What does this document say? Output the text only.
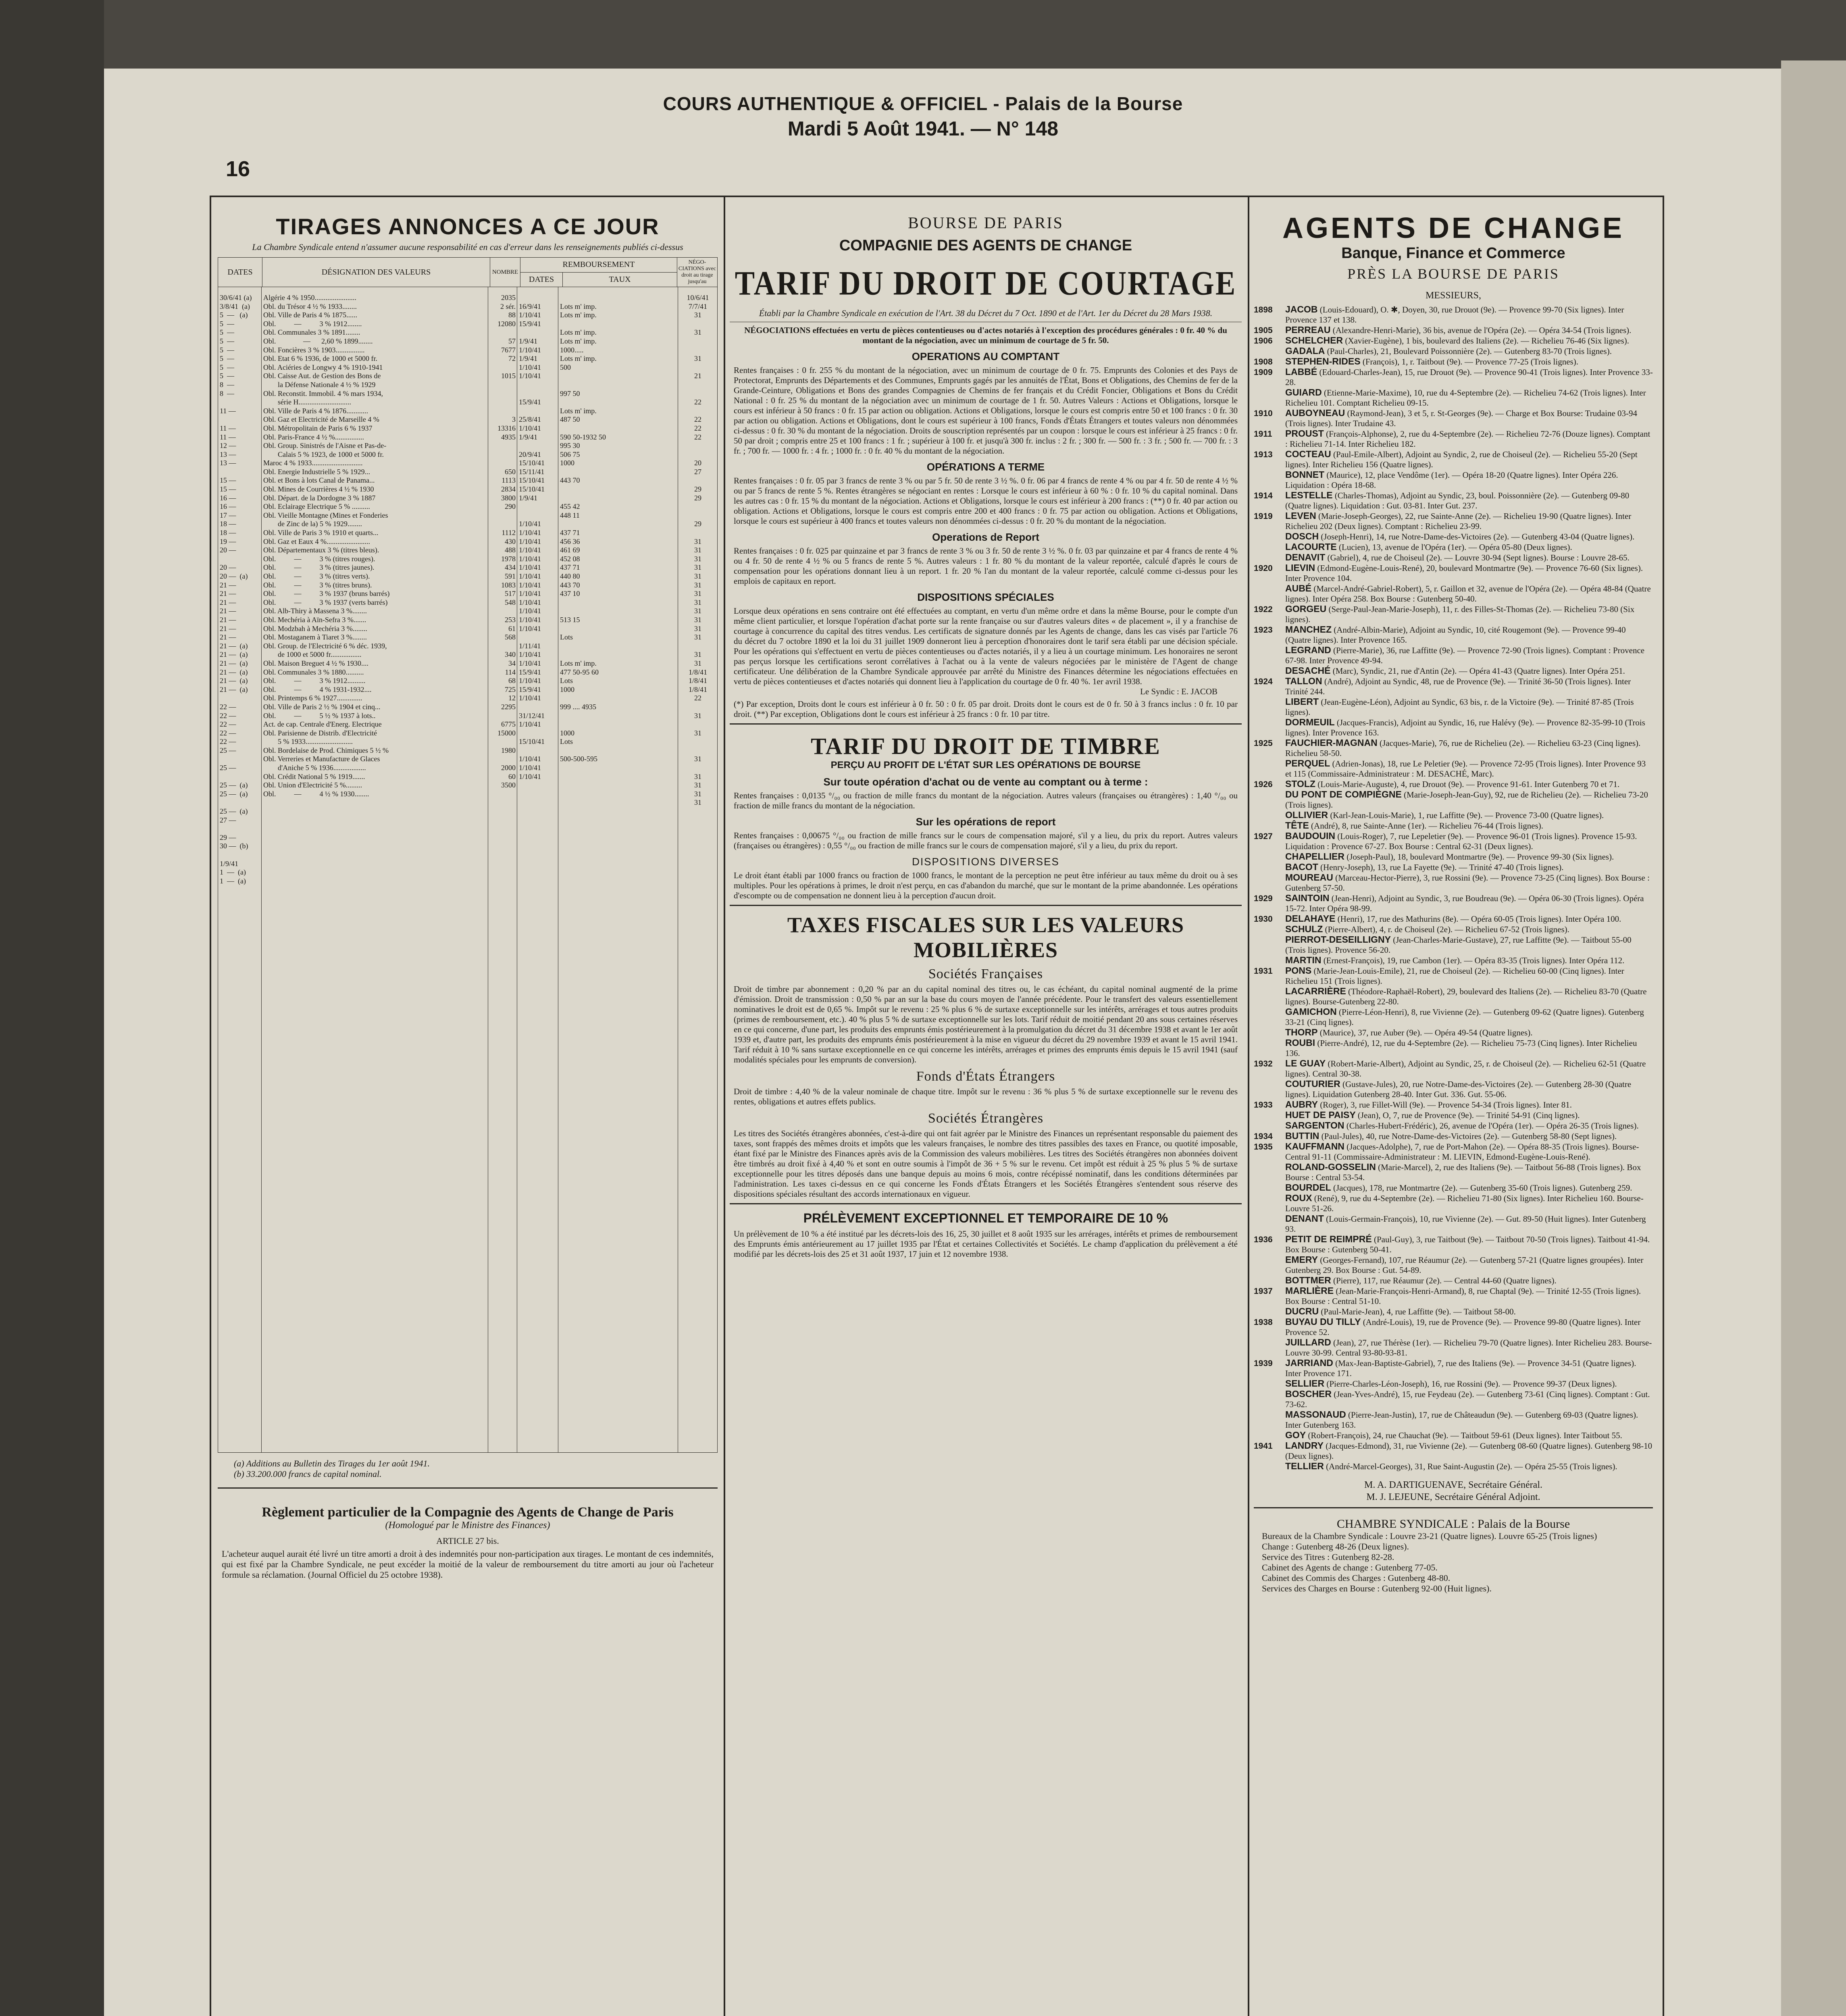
16
COURS AUTHENTIQUE & OFFICIEL - Palais de la Bourse
Mardi 5 Août 1941. — N° 148
TIRAGES ANNONCES A CE JOUR
La Chambre Syndicale entend n'assumer aucune responsabilité en cas d'erreur dans les renseignements publiés ci-dessus
DATES	DÉSIGNATION DES VALEURS	NOMBRE	REMBOURSEMENT		NÉGO-CIATIONS avec droit au tirage jusqu'au
			DATES	TAUX	
30/6/41 (a)
3/8/41  (a)
5  —   (a)
5  —
5  —
5  —
5  —
5  —
5  —
5  —
8  —
8  —

11 —

11 —
11 —
12 —
13 —
13 —

15 —
15 —
16 —
16 —
17 —
18 —
18 —
19 —
20 —

20 —
20 —  (a)
21 —
21 —
21 —
21 —
21 —
21 —
21 —
21 —  (a)
21 —  (a)
21 —  (a)
21 —  (a)
21 —  (a)
21 —  (a)

22 —
22 —
22 —
22 —
22 —
25 —

25 —

25 —  (a)
25 —  (a)

25 —  (a)
27 —

29 —
30 —  (b)

1/9/41
1  —  (a)
1  —  (a)
Algérie 4 % 1950.......................
Obl. du Trésor 4 ½ % 1933........
Obl. Ville de Paris 4 % 1875......
Obl.          —          3 % 1912........
Obl. Communales 3 % 1891........
Obl.               —      2,60 % 1899........
Obl. Foncières 3 % 1903................
Obl. Etat 6 % 1936, de 1000 et 5000 fr.
Obl. Aciéries de Longwy 4 % 1910-1941
Obl. Caisse Aut. de Gestion des Bons de
la Défense Nationale 4 ½ % 1929
Obl. Reconstit. Immobil. 4 % mars 1934,
série H.............................
Obl. Ville de Paris 4 % 1876............
Obl. Gaz et Electricité de Marseille 4 %
Obl. Métropolitain de Paris 6 % 1937
Obl. Paris-France 4 ½ %................
Obl. Group. Sinistrés de l'Aisne et Pas-de-
Calais 5 % 1923, de 1000 et 5000 fr.
Maroc 4 % 1933............................
Obl. Energie Industrielle 5 % 1929...
Obl. et Bons à lots Canal de Panama...
Obl. Mines de Courrières 4 ½ % 1930
Obl. Départ. de la Dordogne 3 % 1887
Obl. Eclairage Electrique 5 % ..........
Obl. Vieille Montagne (Mines et Fonderies
de Zinc de la) 5 % 1929........
Obl. Ville de Paris 3 % 1910 et quarts...
Obl. Gaz et Eaux 4 %........................
Obl. Départementaux 3 % (titres bleus).
Obl.          —          3 % (titres rouges).
Obl.          —          3 % (titres jaunes).
Obl.          —          3 % (titres verts).
Obl.          —          3 % (titres bruns).
Obl.          —          3 % 1937 (bruns barrés)
Obl.          —          3 % 1937 (verts barrés)
Obl. Alb-Thiry à Massena 3 %........
Obl. Mechéria à Aïn-Sefra 3 %.......
Obl. Modzbah à Mechéria 3 %........
Obl. Mostaganem à Tiaret 3 %........
Obl. Group. de l'Electricité 6 % déc. 1939,
de 1000 et 5000 fr.................
Obl. Maison Breguet 4 ½ % 1930....
Obl. Communales 3 % 1880..........
Obl.          —          3 % 1912..........
Obl.          —          4 % 1931-1932....
Obl. Printemps 6 % 1927..............
Obl. Ville de Paris 2 ½ % 1904 et cinq...
Obl.          —          5 ½ % 1937 à lots..
Act. de cap. Centrale d'Energ. Electrique
Obl. Parisienne de Distrib. d'Electricité
5 % 1933..........................
Obl. Bordelaise de Prod. Chimiques 5 ½ %
Obl. Verreries et Manufacture de Glaces
d'Aniche 5 % 1936..................
Obl. Crédit National 5 % 1919.......
Obl. Union d'Electricité 5 %.........
Obl.          —          4 ½ % 1930........
2035
2 sér.
88
12080

57
7677
72

1015

3
13316
4935

650
1113
2834
3800
290

1112
430
488
1978
434
591
1083
517
548

253
61
568

340
34
114
68
725
12
2295

6775
15000

1980

2000
60
3500

16/9/41
1/10/41
15/9/41

1/9/41
1/10/41
1/9/41
1/10/41
1/10/41

15/9/41

25/8/41
1/10/41
1/9/41

20/9/41
15/10/41
15/11/41
15/10/41
15/10/41
1/9/41

1/10/41
1/10/41
1/10/41
1/10/41
1/10/41
1/10/41
1/10/41
1/10/41
1/10/41
1/10/41
1/10/41
1/10/41
1/10/41

1/11/41
1/10/41
1/10/41
15/9/41
1/10/41
15/9/41
1/10/41

31/12/41
1/10/41

15/10/41

1/10/41
1/10/41
1/10/41

Lots m' imp.
Lots m' imp.

Lots m' imp.
Lots m' imp.
1000.....
Lots m' imp.
500

997 50

Lots m' imp.
487 50

590 50-1932 50
995 30
506 75
1000

443 70

455 42
448 11

437 71
456 36
461 69
452 08
437 71
440 80
443 70
437 10

513 15

Lots

Lots m' imp.
477 50-95 60
Lots
1000

999 .... 4935

1000
Lots

500-500-595

10/6/41
7/7/41
31

31

31

21

22

22
22
22

20
27

29
29

29

31
31
31
31
31
31
31
31
31
31
31
31

31
31
1/8/41
1/8/41
1/8/41
22

31

31

31

31
31
31
31
(a) Additions au Bulletin des Tirages du 1er août 1941.
(b) 33.200.000 francs de capital nominal.
Règlement particulier de la Compagnie des Agents de Change de Paris
(Homologué par le Ministre des Finances)
ARTICLE 27 bis.

L'acheteur auquel aurait été livré un titre amorti a droit à des indemnités pour non-participation aux tirages. Le montant de ces indemnités, qui est fixé par la Chambre Syndicale, ne peut excéder la moitié de la valeur de remboursement du titre amorti au jour où l'acheteur formule sa réclamation. (Journal Officiel du 25 octobre 1938).

BOURSE DE PARIS
COMPAGNIE DES AGENTS DE CHANGE
TARIF DU DROIT DE COURTAGE
Établi par la Chambre Syndicale en exécution de l'Art. 38 du Décret du 7 Oct. 1890 et de l'Art. 1er du Décret du 28 Mars 1938.
NÉGOCIATIONS effectuées en vertu de pièces contentieuses ou d'actes notariés à l'exception des procédures générales : 0 fr. 40 % du montant de la négociation, avec un minimum de courtage de 5 fr. 50.
OPERATIONS AU COMPTANT
Rentes françaises : 0 fr. 255 % du montant de la négociation, avec un minimum de courtage de 0 fr. 75. Emprunts des Colonies et des Pays de Protectorat, Emprunts des Départements et des Communes, Emprunts gagés par les annuités de l'État, Bons et Obligations, des Chemins de fer de la Grande-Ceinture, Obligations et Bons des grandes Compagnies de Chemins de fer français et du Crédit Foncier, Obligations et Bons du Crédit National : 0 fr. 25 % du montant de la négociation avec un minimum de courtage de 1 fr. 50. Autres Valeurs : Actions et Obligations, lorsque le cours est inférieur à 50 francs : 0 fr. 15 par action ou obligation. Actions et Obligations, lorsque le cours est compris entre 50 et 100 francs : 0 fr. 30 par action ou obligation. Actions et Obligations, dont le cours est supérieur à 100 francs, Fonds d'États Étrangers et toutes valeurs non dénommées ci-dessus : 0 fr. 30 % du montant de la négociation. Droits de souscription représentés par un coupon : lorsque le cours est inférieur à 25 francs : 0 fr. 50 par droit ; compris entre 25 et 100 francs : 1 fr. ; supérieur à 100 fr. et jusqu'à 300 fr. inclus : 2 fr. ; 300 fr. — 500 fr. : 3 fr. ; 500 fr. — 700 fr. : 3 fr. ; 700 fr. — 1000 fr. : 4 fr. ; 1000 fr. : 0 fr. 40 % du montant de la négociation.
OPÉRATIONS A TERME
Rentes françaises : 0 fr. 05 par 3 francs de rente 3 % ou par 5 fr. 50 de rente 3 ½ %. 0 fr. 06 par 4 francs de rente 4 % ou par 4 fr. 50 de rente 4 ½ % ou par 5 francs de rente 5 %. Rentes étrangères se négociant en rentes : Lorsque le cours est inférieur à 60 % : 0 fr. 10 % du capital nominal. Dans les autres cas : 0 fr. 15 % du montant de la négociation. Actions et Obligations, lorsque le cours est inférieur à 200 francs : (**) 0 fr. 40 par action ou obligation. Actions et Obligations, lorsque le cours est compris entre 200 et 400 francs : 0 fr. 75 par action ou obligation. Actions et Obligations, lorsque le cours est supérieur à 400 francs et toutes valeurs non dénommées ci-dessus : 0 fr. 20 % du montant de la négociation.
Operations de Report
Rentes françaises : 0 fr. 025 par quinzaine et par 3 francs de rente 3 % ou 3 fr. 50 de rente 3 ½ %. 0 fr. 03 par quinzaine et par 4 francs de rente 4 % ou 4 fr. 50 de rente 4 ½ % ou 5 francs de rente 5 %. Autres valeurs : 1 fr. 80 % du montant de la valeur reportée, calculé d'après le cours de compensation pour les opérations donnant lieu à un report. 1 fr. 20 % l'an du montant de la valeur reportée, calculé comme ci-dessus pour les emplois de capitaux en report.
DISPOSITIONS SPÉCIALES
Lorsque deux opérations en sens contraire ont été effectuées au comptant, en vertu d'un même ordre et dans la même Bourse, pour le compte d'un même client particulier, et lorsque l'opération d'achat porte sur la rente française ou sur d'autres valeurs dites « de placement », il y a franchise de courtage à concurrence du capital des titres vendus. Les certificats de signature donnés par les Agents de change, dans les cas visés par l'article 76 du décret du 7 octobre 1890 et la loi du 31 juillet 1909 donneront lieu à perception d'honoraires dont le tarif sera établi par une décision spéciale. Pour les opérations qui s'effectuent en vertu de pièces contentieuses ou d'actes notariés, il y a lieu à un courtage minimum. Les honoraires ne seront pas perçus lorsque les certifications seront corrélatives à l'achat ou à la vente de valeurs négociées par le ministère de l'Agent de change certificateur. Une délibération de la Chambre Syndicale approuvée par arrêté du Ministre des Finances détermine les négociations effectuées en vertu de pièces contentieuses et d'actes notariés qui donnent lieu à l'application du courtage de 0 fr. 40 %. 1er avril 1938.
Le Syndic : E. JACOB
(*) Par exception, Droits dont le cours est inférieur à 0 fr. 50 : 0 fr. 05 par droit. Droits dont le cours est de 0 fr. 50 à 3 francs inclus : 0 fr. 10 par droit. (**) Par exception, Obligations dont le cours est inférieur à 25 francs : 0 fr. 10 par titre.
TARIF DU DROIT DE TIMBRE
PERÇU AU PROFIT DE L'ÉTAT SUR LES OPÉRATIONS DE BOURSE
Sur toute opération d'achat ou de vente au comptant ou à terme :
Rentes françaises : 0,0135 °/₀₀ ou fraction de mille francs du montant de la négociation. Autres valeurs (françaises ou étrangères) : 1,40 °/₀₀ ou fraction de mille francs du montant de la négociation.
Sur les opérations de report
Rentes françaises : 0,00675 °/₀₀ ou fraction de mille francs sur le cours de compensation majoré, s'il y a lieu, du prix du report. Autres valeurs (françaises ou étrangères) : 0,55 °/₀₀ ou fraction de mille francs sur le cours de compensation majoré, s'il y a lieu, du prix du report.
DISPOSITIONS DIVERSES
Le droit étant établi par 1000 francs ou fraction de 1000 francs, le montant de la perception ne peut être inférieur au taux même du droit ou à ses multiples. Pour les opérations à primes, le droit n'est perçu, en cas d'abandon du marché, que sur le montant de la prime abandonnée. Les opérations d'escompte ou de compensation ne donnent lieu à la perception d'aucun droit.
TAXES FISCALES SUR LES VALEURS MOBILIÈRES
Sociétés Françaises
Droit de timbre par abonnement : 0,20 % par an du capital nominal des titres ou, le cas échéant, du capital nominal augmenté de la prime d'émission. Droit de transmission : 0,50 % par an sur la base du cours moyen de l'année précédente. Pour le transfert des valeurs essentiellement nominatives le droit est de 0,65 %. Impôt sur le revenu : 25 % plus 6 % de surtaxe exceptionnelle sur les intérêts, arrérages et tous autres produits (primes de remboursement, etc.). 40 % plus 5 % de surtaxe exceptionnelle sur les lots. Tarif réduit de moitié pendant 20 ans sous certaines réserves en ce qui concerne, d'une part, les produits des emprunts émis postérieurement à la promulgation du décret du 31 décembre 1938 et avant le 1er août 1939 et, d'autre part, les produits des emprunts émis postérieurement à la mise en vigueur du décret du 29 novembre 1939 et avant le 15 avril 1941. Tarif réduit à 10 % sans surtaxe exceptionnelle en ce qui concerne les intérêts, arrérages et primes des emprunts émis depuis le 15 avril 1941 (sauf modalités spéciales pour les emprunts de conversion).
Fonds d'États Étrangers
Droit de timbre : 4,40 % de la valeur nominale de chaque titre. Impôt sur le revenu : 36 % plus 5 % de surtaxe exceptionnelle sur le revenu des rentes, obligations et autres effets publics.
Sociétés Étrangères
Les titres des Sociétés étrangères abonnées, c'est-à-dire qui ont fait agréer par le Ministre des Finances un représentant responsable du paiement des taxes, sont frappés des mêmes droits et impôts que les valeurs françaises, le nombre des titres passibles des taxes en France, ou quotité imposable, étant fixé par le Ministre des Finances après avis de la Commission des valeurs mobilières. Les titres des Sociétés étrangères non abonnées doivent être timbrés au droit fixé à 4,40 % et sont en outre soumis à l'impôt de 36 + 5 % sur le revenu. Cet impôt est réduit à 25 % plus 5 % de surtaxe exceptionnelle pour les titres déposés dans une banque depuis au moins 6 mois, contre récépissé nominatif, dans les conditions déterminées par l'administration. Les taxes ci-dessus en ce qui concerne les Fonds d'États Étrangers et les Sociétés Étrangères s'entendent sous réserve des dispositions spéciales résultant des accords internationaux en vigueur.
PRÉLÈVEMENT EXCEPTIONNEL ET TEMPORAIRE DE 10 %
Un prélèvement de 10 % a été institué par les décrets-lois des 16, 25, 30 juillet et 8 août 1935 sur les arrérages, intérêts et primes de remboursement des Emprunts émis antérieurement au 17 juillet 1935 par l'État et certaines Collectivités et Sociétés. Le champ d'application du prélèvement a été modifié par les décrets-lois des 25 et 31 août 1937, 17 juin et 12 novembre 1938.
AGENTS DE CHANGE
Banque, Finance et Commerce
PRÈS LA BOURSE DE PARIS
MESSIEURS,

1898 JACOB (Louis-Edouard), O. ✱, Doyen, 30, rue Drouot (9e). — Provence 99-70 (Six lignes). Inter Provence 137 et 138.

1905 PERREAU (Alexandre-Henri-Marie), 36 bis, avenue de l'Opéra (2e). — Opéra 34-54 (Trois lignes).

1906 SCHELCHER (Xavier-Eugène), 1 bis, boulevard des Italiens (2e). — Richelieu 76-46 (Six lignes).

GADALA (Paul-Charles), 21, Boulevard Poissonnière (2e). — Gutenberg 83-70 (Trois lignes).

1908 STEPHEN-RIDES (François), 1, r. Taitbout (9e). — Provence 77-25 (Trois lignes).

1909 LABBÉ (Edouard-Charles-Jean), 15, rue Drouot (9e). — Provence 90-41 (Trois lignes). Inter Provence 33-28.

GUIARD (Etienne-Marie-Maxime), 10, rue du 4-Septembre (2e). — Richelieu 74-62 (Trois lignes). Inter Richelieu 101. Comptant Richelieu 09-15.

1910 AUBOYNEAU (Raymond-Jean), 3 et 5, r. St-Georges (9e). — Charge et Box Bourse: Trudaine 03-94 (Trois lignes). Inter Trudaine 43.

1911 PROUST (François-Alphonse), 2, rue du 4-Septembre (2e). — Richelieu 72-76 (Douze lignes). Comptant : Richelieu 71-14. Inter Richelieu 182.

1913 COCTEAU (Paul-Emile-Albert), Adjoint au Syndic, 2, rue de Choiseul (2e). — Richelieu 55-20 (Sept lignes). Inter Richelieu 156 (Quatre lignes).

BONNET (Maurice), 12, place Vendôme (1er). — Opéra 18-20 (Quatre lignes). Inter Opéra 226. Liquidation : Opéra 18-68.

1914 LESTELLE (Charles-Thomas), Adjoint au Syndic, 23, boul. Poissonnière (2e). — Gutenberg 09-80 (Quatre lignes). Liquidation : Gut. 03-81. Inter Gut. 237.

1919 LEVEN (Marie-Joseph-Georges), 22, rue Sainte-Anne (2e). — Richelieu 19-90 (Quatre lignes). Inter Richelieu 202 (Deux lignes). Comptant : Richelieu 23-99.

DOSCH (Joseph-Henri), 14, rue Notre-Dame-des-Victoires (2e). — Gutenberg 43-04 (Quatre lignes).

LACOURTE (Lucien), 13, avenue de l'Opéra (1er). — Opéra 05-80 (Deux lignes).

DENAVIT (Gabriel), 4, rue de Choiseul (2e). — Louvre 30-94 (Sept lignes). Bourse : Louvre 28-65.

1920 LIEVIN (Edmond-Eugène-Louis-René), 20, boulevard Montmartre (9e). — Provence 76-60 (Six lignes). Inter Provence 104.

AUBÉ (Marcel-André-Gabriel-Robert), 5, r. Gaillon et 32, avenue de l'Opéra (2e). — Opéra 48-84 (Quatre lignes). Inter Opéra 258. Box Bourse : Gutenberg 50-40.

1922 GORGEU (Serge-Paul-Jean-Marie-Joseph), 11, r. des Filles-St-Thomas (2e). — Richelieu 73-80 (Six lignes).

1923 MANCHEZ (André-Albin-Marie), Adjoint au Syndic, 10, cité Rougemont (9e). — Provence 99-40 (Quatre lignes). Inter Provence 165.

LEGRAND (Pierre-Marie), 36, rue Laffitte (9e). — Provence 72-90 (Trois lignes). Comptant : Provence 67-98. Inter Provence 49-94.

DESACHÉ (Marc), Syndic, 21, rue d'Antin (2e). — Opéra 41-43 (Quatre lignes). Inter Opéra 251.

1924 TALLON (André), Adjoint au Syndic, 48, rue de Provence (9e). — Trinité 36-50 (Trois lignes). Inter Trinité 244.

LIBERT (Jean-Eugène-Léon), Adjoint au Syndic, 63 bis, r. de la Victoire (9e). — Trinité 87-85 (Trois lignes).

DORMEUIL (Jacques-Francis), Adjoint au Syndic, 16, rue Halévy (9e). — Provence 82-35-99-10 (Trois lignes). Inter Provence 163.

1925 FAUCHIER-MAGNAN (Jacques-Marie), 76, rue de Richelieu (2e). — Richelieu 63-23 (Cinq lignes). Richelieu 58-50.

PERQUEL (Adrien-Jonas), 18, rue Le Peletier (9e). — Provence 72-95 (Trois lignes). Inter Provence 93 et 115 (Commissaire-Administrateur : M. DESACHÉ, Marc).

1926 STOLZ (Louis-Marie-Auguste), 4, rue Drouot (9e). — Provence 91-61. Inter Gutenberg 70 et 71.

DU PONT DE COMPIÈGNE (Marie-Joseph-Jean-Guy), 92, rue de Richelieu (2e). — Richelieu 73-20 (Trois lignes).

OLLIVIER (Karl-Jean-Louis-Marie), 1, rue Laffitte (9e). — Provence 73-00 (Quatre lignes).

TÊTE (André), 8, rue Sainte-Anne (1er). — Richelieu 76-44 (Trois lignes).

1927 BAUDOUIN (Louis-Roger), 7, rue Lepeletier (9e). — Provence 96-01 (Trois lignes). Provence 15-93. Liquidation : Provence 67-27. Box Bourse : Central 62-31 (Deux lignes).

CHAPELLIER (Joseph-Paul), 18, boulevard Montmartre (9e). — Provence 99-30 (Six lignes).

BACOT (Henry-Joseph), 13, rue La Fayette (9e). — Trinité 47-40 (Trois lignes).

MOUREAU (Marceau-Hector-Pierre), 3, rue Rossini (9e). — Provence 73-25 (Cinq lignes). Box Bourse : Gutenberg 57-50.

1929 SAINTOIN (Jean-Henri), Adjoint au Syndic, 3, rue Boudreau (9e). — Opéra 06-30 (Trois lignes). Opéra 15-72. Inter Opéra 98-99.

1930 DELAHAYE (Henri), 17, rue des Mathurins (8e). — Opéra 60-05 (Trois lignes). Inter Opéra 100.

SCHULZ (Pierre-Albert), 4, r. de Choiseul (2e). — Richelieu 67-52 (Trois lignes).

PIERROT-DESEILLIGNY (Jean-Charles-Marie-Gustave), 27, rue Laffitte (9e). — Taitbout 55-00 (Trois lignes). Provence 56-20.

MARTIN (Ernest-François), 19, rue Cambon (1er). — Opéra 83-35 (Trois lignes). Inter Opéra 112.

1931 PONS (Marie-Jean-Louis-Emile), 21, rue de Choiseul (2e). — Richelieu 60-00 (Cinq lignes). Inter Richelieu 151 (Trois lignes).

LACARRIÈRE (Théodore-Raphaël-Robert), 29, boulevard des Italiens (2e). — Richelieu 83-70 (Quatre lignes). Bourse-Gutenberg 22-80.

GAMICHON (Pierre-Léon-Henri), 8, rue Vivienne (2e). — Gutenberg 09-62 (Quatre lignes). Gutenberg 33-21 (Cinq lignes).

THORP (Maurice), 37, rue Auber (9e). — Opéra 49-54 (Quatre lignes).

ROUBI (Pierre-André), 12, rue du 4-Septembre (2e). — Richelieu 75-73 (Cinq lignes). Inter Richelieu 136.

1932 LE GUAY (Robert-Marie-Albert), Adjoint au Syndic, 25, r. de Choiseul (2e). — Richelieu 62-51 (Quatre lignes). Central 30-38.

COUTURIER (Gustave-Jules), 20, rue Notre-Dame-des-Victoires (2e). — Gutenberg 28-30 (Quatre lignes). Liquidation Gutenberg 28-40. Inter Gut. 336. Gut. 55-06.

1933 AUBRY (Roger), 3, rue Fillet-Will (9e). — Provence 54-34 (Trois lignes). Inter 81.

HUET DE PAISY (Jean), O, 7, rue de Provence (9e). — Trinité 54-91 (Cinq lignes).

SARGENTON (Charles-Hubert-Frédéric), 26, avenue de l'Opéra (1er). — Opéra 26-35 (Trois lignes).

1934 BUTTIN (Paul-Jules), 40, rue Notre-Dame-des-Victoires (2e). — Gutenberg 58-80 (Sept lignes).

1935 KAUFFMANN (Jacques-Adolphe), 7, rue de Port-Mahon (2e). — Opéra 88-35 (Trois lignes). Bourse-Central 91-11 (Commissaire-Administrateur : M. LIEVIN, Edmond-Eugène-Louis-René).

ROLAND-GOSSELIN (Marie-Marcel), 2, rue des Italiens (9e). — Taitbout 56-88 (Trois lignes). Box Bourse : Central 53-54.

BOURDEL (Jacques), 178, rue Montmartre (2e). — Gutenberg 35-60 (Trois lignes). Gutenberg 259.

ROUX (René), 9, rue du 4-Septembre (2e). — Richelieu 71-80 (Six lignes). Inter Richelieu 160. Bourse-Louvre 51-26.

DENANT (Louis-Germain-François), 10, rue Vivienne (2e). — Gut. 89-50 (Huit lignes). Inter Gutenberg 93.

1936 PETIT DE REIMPRÉ (Paul-Guy), 3, rue Taitbout (9e). — Taitbout 70-50 (Trois lignes). Taitbout 41-94. Box Bourse : Gutenberg 50-41.

EMERY (Georges-Fernand), 107, rue Réaumur (2e). — Gutenberg 57-21 (Quatre lignes groupées). Inter Gutenberg 29. Box Bourse : Gut. 54-89.

BOTTMER (Pierre), 117, rue Réaumur (2e). — Central 44-60 (Quatre lignes).

1937 MARLIÈRE (Jean-Marie-François-Henri-Armand), 8, rue Chaptal (9e). — Trinité 12-55 (Trois lignes). Box Bourse : Central 51-10.

DUCRU (Paul-Marie-Jean), 4, rue Laffitte (9e). — Taitbout 58-00.

1938 BUYAU DU TILLY (André-Louis), 19, rue de Provence (9e). — Provence 99-80 (Quatre lignes). Inter Provence 52.

JUILLARD (Jean), 27, rue Thérèse (1er). — Richelieu 79-70 (Quatre lignes). Inter Richelieu 283. Bourse-Louvre 30-99. Central 93-80-93-81.

1939 JARRIAND (Max-Jean-Baptiste-Gabriel), 7, rue des Italiens (9e). — Provence 34-51 (Quatre lignes). Inter Provence 171.

SELLIER (Pierre-Charles-Léon-Joseph), 16, rue Rossini (9e). — Provence 99-37 (Deux lignes).

BOSCHER (Jean-Yves-André), 15, rue Feydeau (2e). — Gutenberg 73-61 (Cinq lignes). Comptant : Gut. 73-62.

MASSONAUD (Pierre-Jean-Justin), 17, rue de Châteaudun (9e). — Gutenberg 69-03 (Quatre lignes). Inter Gutenberg 163.

GOY (Robert-François), 24, rue Chauchat (9e). — Taitbout 59-61 (Deux lignes). Inter Taitbout 55.

1941 LANDRY (Jacques-Edmond), 31, rue Vivienne (2e). — Gutenberg 08-60 (Quatre lignes). Gutenberg 98-10 (Deux lignes).

TELLIER (André-Marcel-Georges), 31, Rue Saint-Augustin (2e). — Opéra 25-55 (Trois lignes).

M. A. DARTIGUENAVE, Secrétaire Général.
M. J. LEJEUNE, Secrétaire Général Adjoint.
CHAMBRE SYNDICALE : Palais de la Bourse
Bureaux de la Chambre Syndicale : Louvre 23-21 (Quatre lignes). Louvre 65-25 (Trois lignes)
Change : Gutenberg 48-26 (Deux lignes).
Service des Titres : Gutenberg 82-28.
Cabinet des Agents de change : Gutenberg 77-05.
Cabinet des Commis des Charges : Gutenberg 48-80.
Services des Charges en Bourse : Gutenberg 92-00 (Huit lignes).
